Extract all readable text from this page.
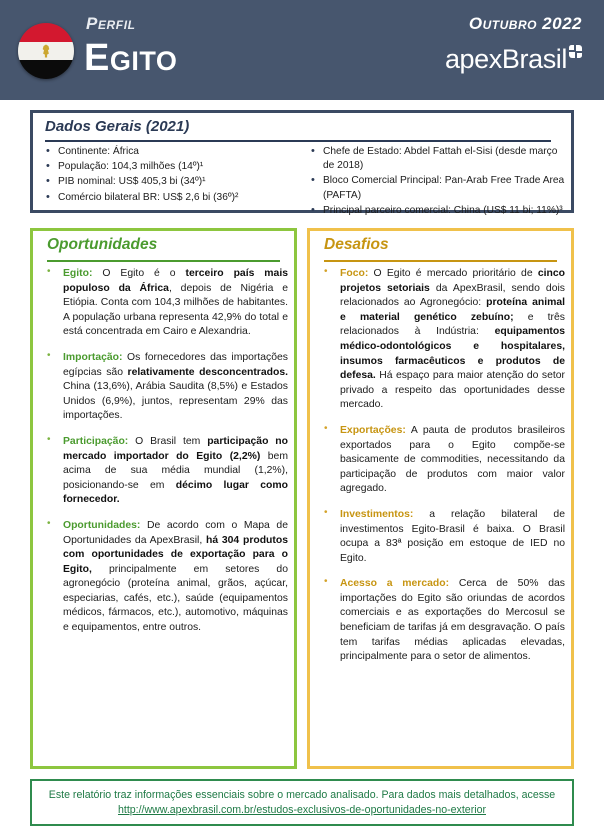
Perfil
Egito
Outubro 2022
apexBrasil
Dados Gerais (2021)
• Continente: África
• População: 104,3 milhões (14º)¹
• PIB nominal: US$ 405,3 bi (34º)¹
• Comércio bilateral BR: US$ 2,6 bi (36º)²
• Chefe de Estado: Abdel Fattah el-Sisi (desde março de 2018)
• Bloco Comercial Principal: Pan-Arab Free Trade Area (PAFTA)
• Principal parceiro comercial: China (US$ 11 bi; 11%)³
Oportunidades
• Egito: O Egito é o terceiro país mais populoso da África, depois de Nigéria e Etiópia. Conta com 104,3 milhões de habitantes. A população urbana representa 42,9% do total e está concentrada em Cairo e Alexandria.
• Importação: Os fornecedores das importações egípcias são relativamente desconcentrados. China (13,6%), Arábia Saudita (8,5%) e Estados Unidos (6,9%), juntos, representam 29% das importações.
• Participação: O Brasil tem participação no mercado importador do Egito (2,2%) bem acima de sua média mundial (1,2%), posicionando-se em décimo lugar como fornecedor.
• Oportunidades: De acordo com o Mapa de Oportunidades da ApexBrasil, há 304 produtos com oportunidades de exportação para o Egito, principalmente em setores do agronegócio (proteína animal, grãos, açúcar, especiarias, cafés, etc.), saúde (equipamentos médicos, fármacos, etc.), automotivo, máquinas e equipamentos, entre outros.
Desafios
• Foco: O Egito é mercado prioritário de cinco projetos setoriais da ApexBrasil, sendo dois relacionados ao Agronegócio: proteína animal e material genético zebuíno; e três relacionados à Indústria: equipamentos médico-odontológicos e hospitalares, insumos farmacêuticos e produtos de defesa. Há espaço para maior atenção do setor privado a respeito das oportunidades desse mercado.
• Exportações: A pauta de produtos brasileiros exportados para o Egito compõe-se basicamente de commodities, necessitando da participação de produtos com maior valor agregado.
• Investimentos: a relação bilateral de investimentos Egito-Brasil é baixa. O Brasil ocupa a 83ª posição em estoque de IED no Egito.
• Acesso a mercado: Cerca de 50% das importações do Egito são oriundas de acordos comerciais e as exportações do Mercosul se beneficiam de tarifas já em desgravação. O país tem tarifas médias aplicadas elevadas, principalmente para o setor de alimentos.
Este relatório traz informações essenciais sobre o mercado analisado. Para dados mais detalhados, acesse http://www.apexbrasil.com.br/estudos-exclusivos-de-oportunidades-no-exterior
